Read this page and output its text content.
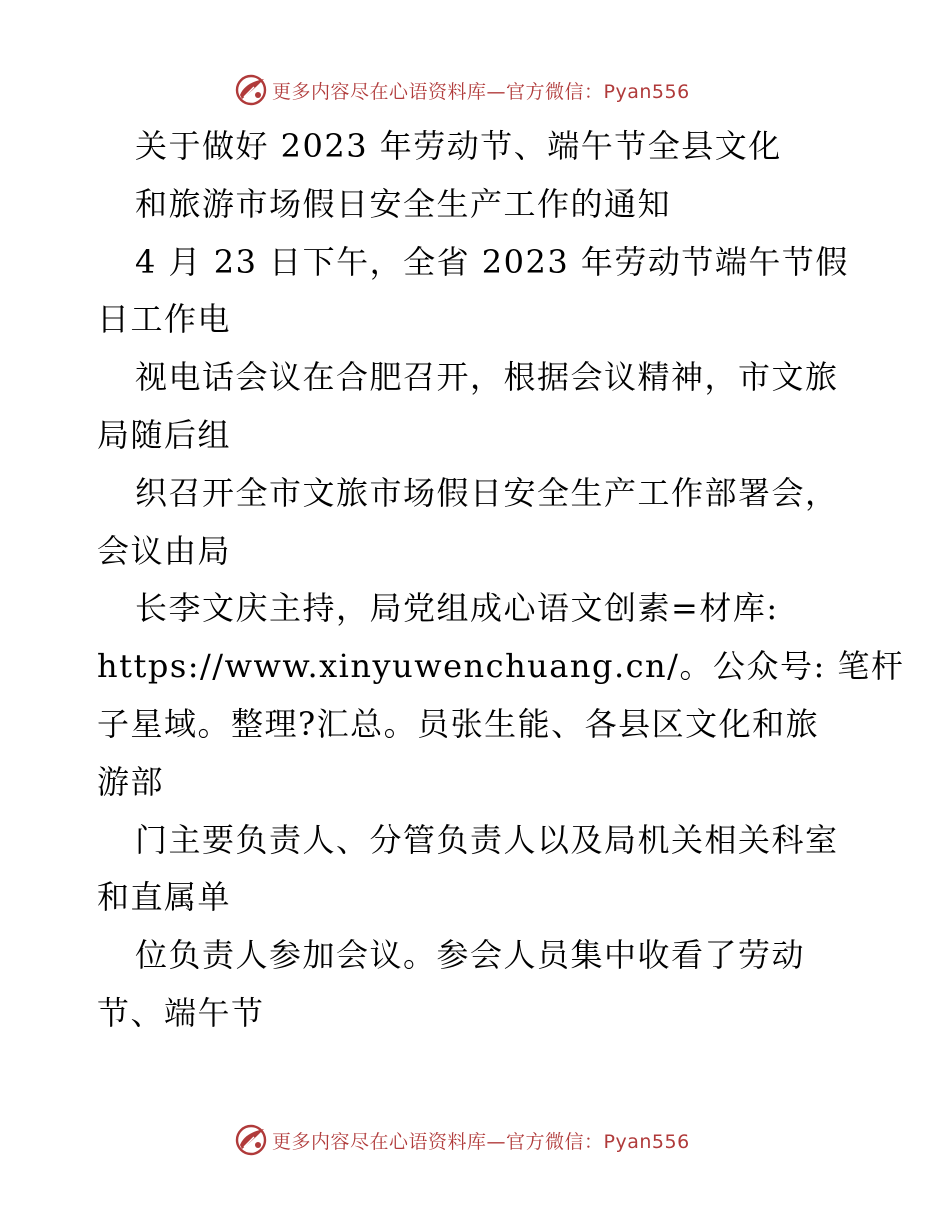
更多内容尽在心语资料库—官方微信：Pyan556
关于做好 2023 年劳动节、端午节全县文化
和旅游市场假日安全生产工作的通知
4 月 23 日下午，全省 2023 年劳动节端午节假
日工作电
视电话会议在合肥召开，根据会议精神，市文旅
局随后组
织召开全市文旅市场假日安全生产工作部署会，
会议由局
长李文庆主持，局党组成心语文创素=材库:
https://www.xinyuwenchuang.cn/。公众号: 笔杆
子星域。整理?汇总。员张生能、各县区文化和旅
游部
门主要负责人、分管负责人以及局机关相关科室
和直属单
位负责人参加会议。参会人员集中收看了劳动
节、端午节
更多内容尽在心语资料库—官方微信：Pyan556
